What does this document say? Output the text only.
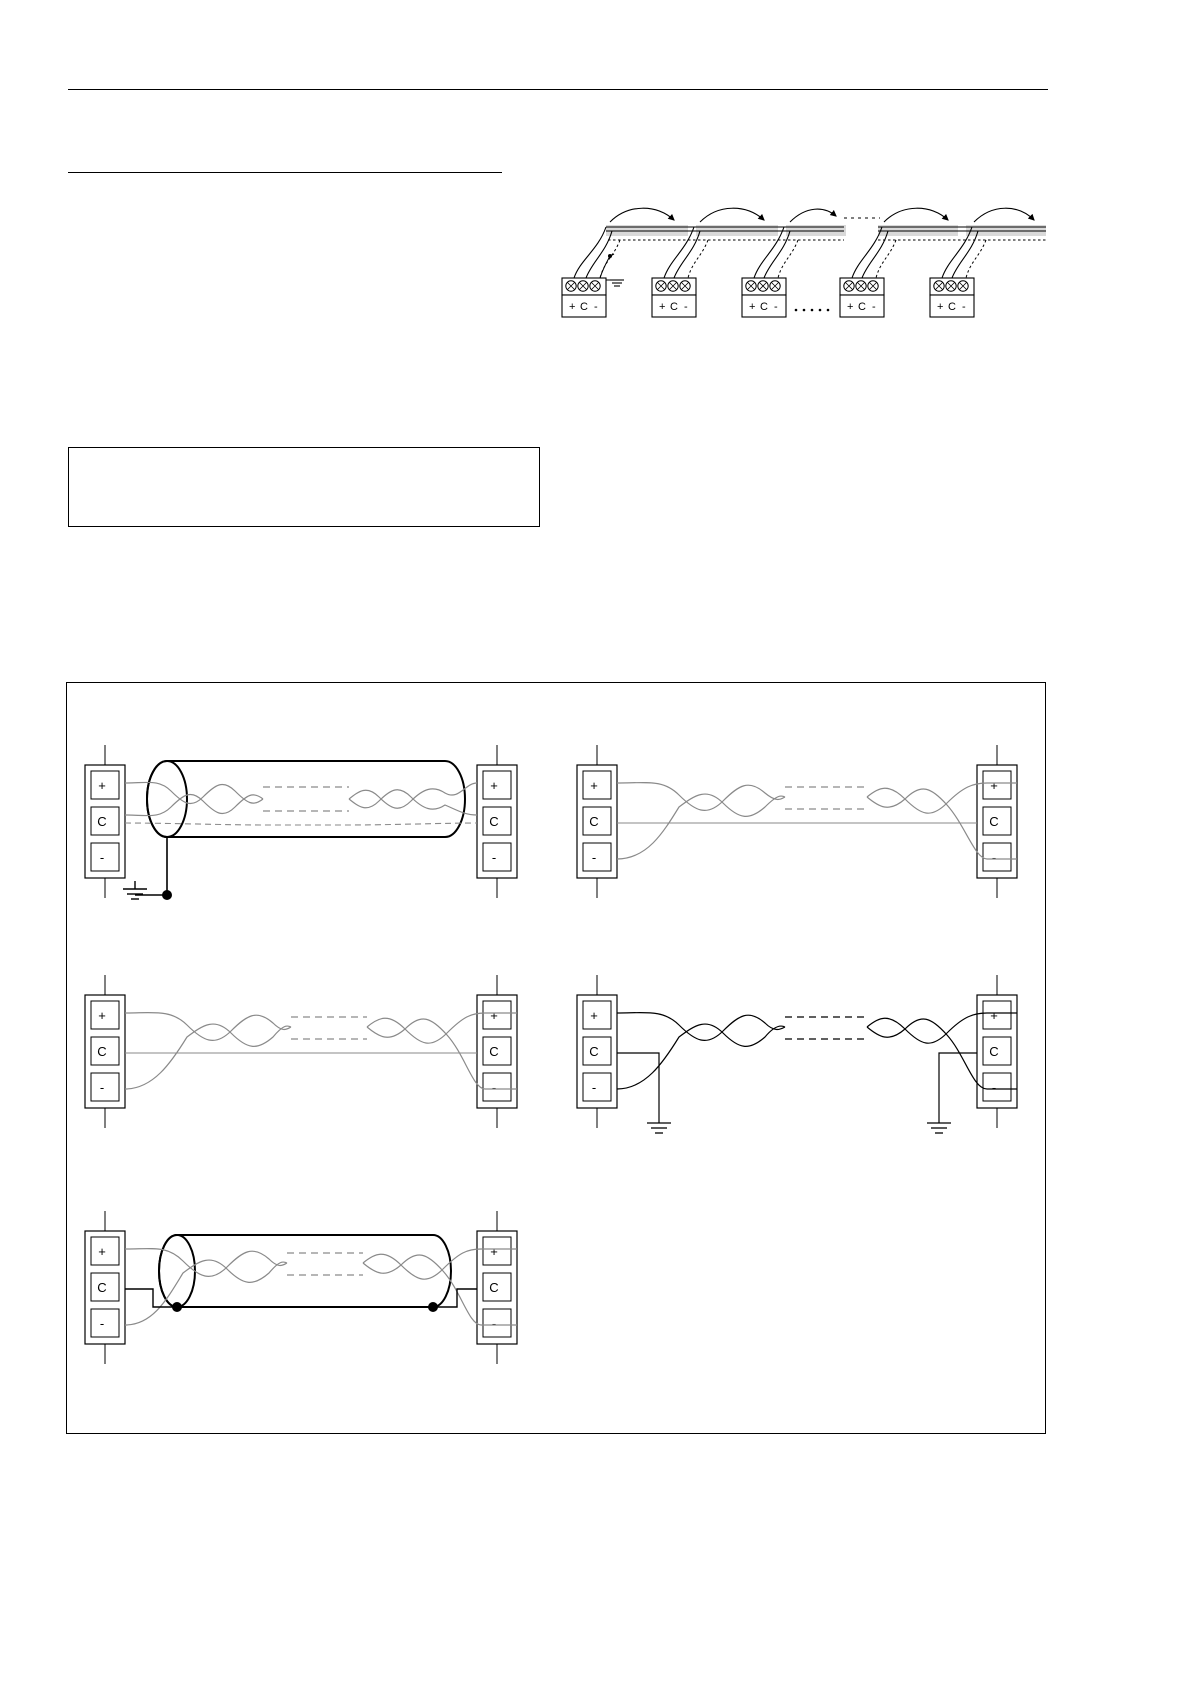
+ C -	+ C -	+ C -	+ C -	+ C -
+
C
-
+
C
-
+
C
-
+
C
-
+
C
-
+
C
-
+
C
-
+
C
-
+
C
-
+
C
-
